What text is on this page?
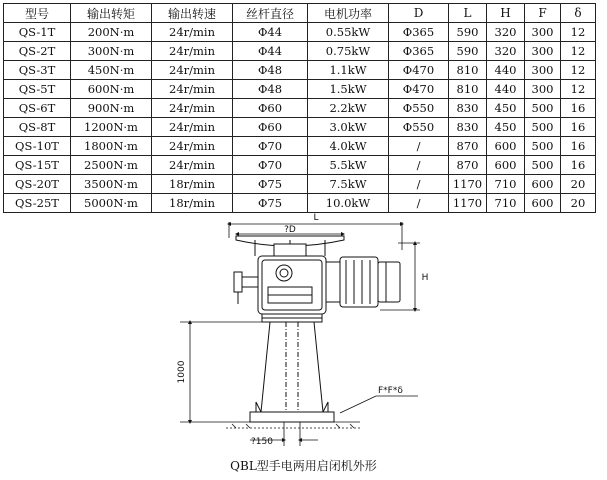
型号	输出转矩	输出转速	丝杆直径	电机功率	D	L	H	F	δ
QS-1T	200N·m	24r/min	Φ44	0.55kW	Φ365	590	320	300	12
QS-2T	300N·m	24r/min	Φ44	0.75kW	Φ365	590	320	300	12
QS-3T	450N·m	24r/min	Φ48	1.1kW	Φ470	810	440	300	12
QS-5T	600N·m	24r/min	Φ48	1.5kW	Φ470	810	440	300	12
QS-6T	900N·m	24r/min	Φ60	2.2kW	Φ550	830	450	500	16
QS-8T	1200N·m	24r/min	Φ60	3.0kW	Φ550	830	450	500	16
QS-10T	1800N·m	24r/min	Φ70	4.0kW	/	870	600	500	16
QS-15T	2500N·m	24r/min	Φ70	5.5kW	/	870	600	500	16
QS-20T	3500N·m	18r/min	Φ75	7.5kW	/	1170	710	600	20
QS-25T	5000N·m	18r/min	Φ75	10.0kW	/	1170	710	600	20
L
?D
H
1000
F*F*δ
?150
QBL型手电两用启闭机外形
